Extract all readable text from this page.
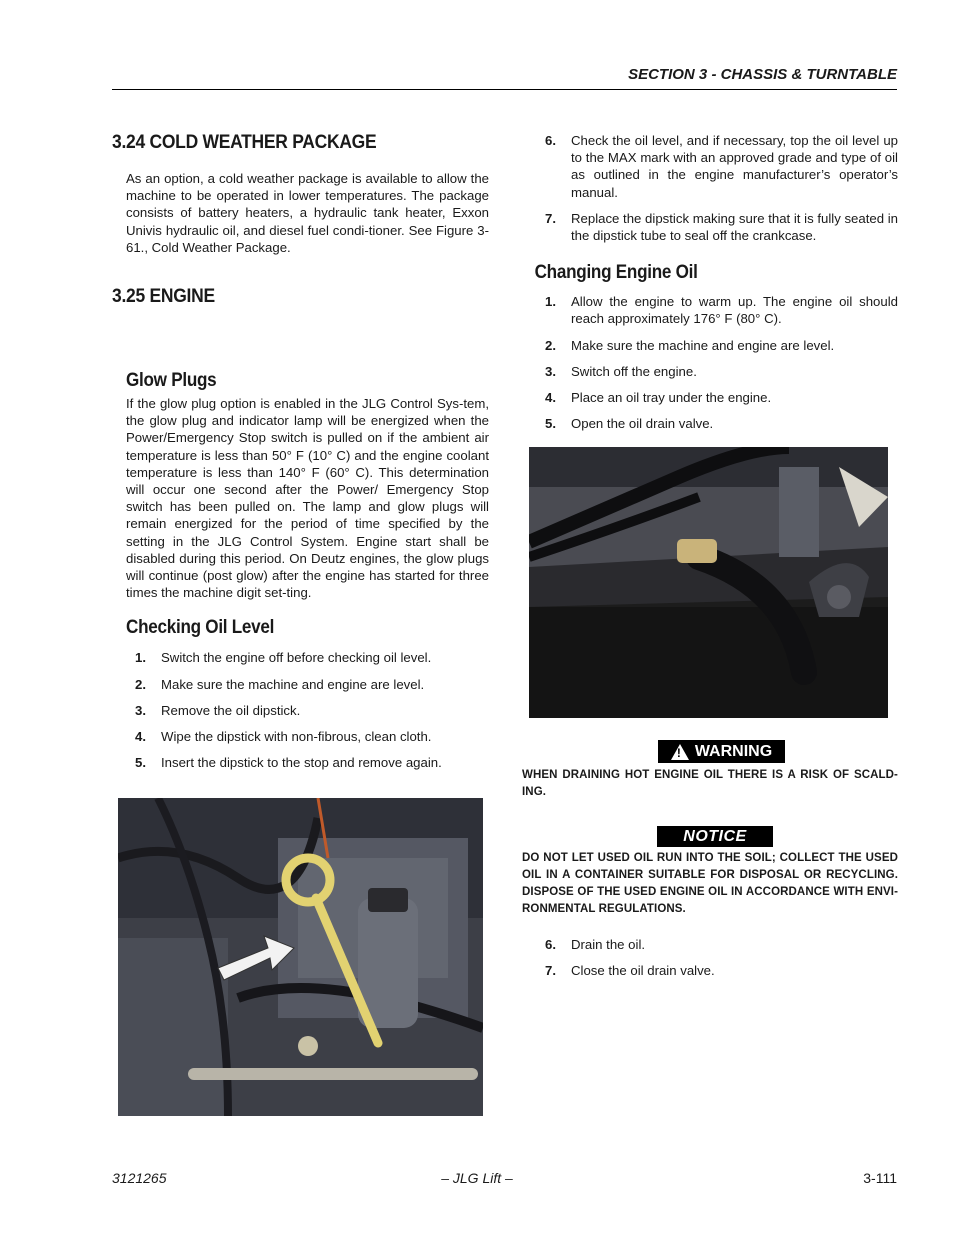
SECTION 3 - CHASSIS & TURNTABLE
3.24 COLD WEATHER PACKAGE

As an option, a cold weather package is available to allow the machine to be operated in lower temperatures. The package consists of battery heaters, a hydraulic tank heater, Exxon Univis hydraulic oil, and diesel fuel condi-tioner. See Figure 3-61., Cold Weather Package.

3.25 ENGINE
Glow Plugs

If the glow plug option is enabled in the JLG Control Sys-tem, the glow plug and indicator lamp will be energized when the Power/Emergency Stop switch is pulled on if the ambient air temperature is less than 50° F (10° C) and the engine coolant temperature is less than 140° F (60° C). This determination will occur one second after the Power/ Emergency Stop switch has been pulled on. The lamp and glow plugs will remain energized for the period of time specified by the setting in the JLG Control System. Engine start shall be disabled during this period. On Deutz engines, the glow plugs will continue (post glow) after the engine has started for three times the machine digit set-ting.

Checking Oil Level
1. Switch the engine off before checking oil level.
2. Make sure the machine and engine are level.
3. Remove the oil dipstick.
4. Wipe the dipstick with non-fibrous, clean cloth.
5. Insert the dipstick to the stop and remove again.
6. Check the oil level, and if necessary, top the oil level up to the MAX mark with an approved grade and type of oil as outlined in the engine manufacturer’s operator’s manual.
7. Replace the dipstick making sure that it is fully seated in the dipstick tube to seal off the crankcase.
Changing Engine Oil
1. Allow the engine to warm up. The engine oil should reach approximately 176° F (80° C).
2. Make sure the machine and engine are level.
3. Switch off the engine.
4. Place an oil tray under the engine.
5. Open the oil drain valve.
! WARNING
WHEN DRAINING HOT ENGINE OIL THERE IS A RISK OF SCALD-ING.
NOTICE
DO NOT LET USED OIL RUN INTO THE SOIL; COLLECT THE USED OIL IN A CONTAINER SUITABLE FOR DISPOSAL OR RECYCLING. DISPOSE OF THE USED ENGINE OIL IN ACCORDANCE WITH ENVI-RONMENTAL REGULATIONS.
6. Drain the oil.
7. Close the oil drain valve.
– JLG Lift –
3121265	3-111
